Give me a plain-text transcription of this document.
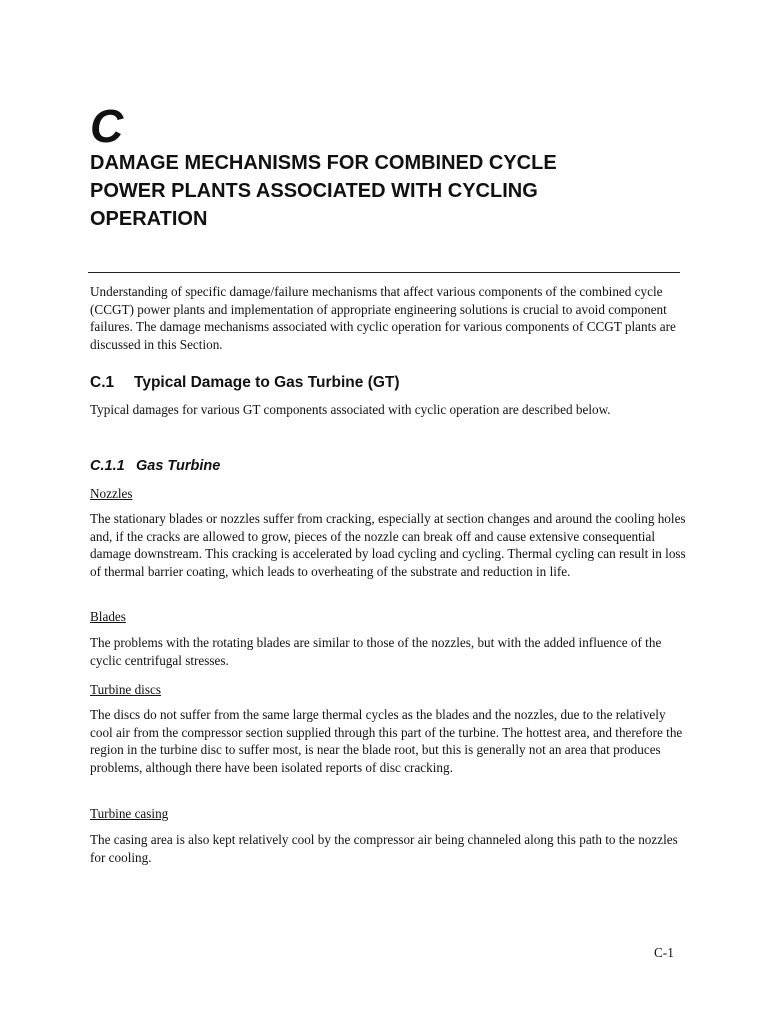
C
DAMAGE MECHANISMS FOR COMBINED CYCLE
POWER PLANTS ASSOCIATED WITH CYCLING
OPERATION

Understanding of specific damage/failure mechanisms that affect various components of the combined cycle (CCGT) power plants and implementation of appropriate engineering solutions is crucial to avoid component failures. The damage mechanisms associated with cyclic operation for various components of CCGT plants are discussed in this Section.

C.1 Typical Damage to Gas Turbine (GT)

Typical damages for various GT components associated with cyclic operation are described below.

C.1.1 Gas Turbine

Nozzles

The stationary blades or nozzles suffer from cracking, especially at section changes and around the cooling holes and, if the cracks are allowed to grow, pieces of the nozzle can break off and cause extensive consequential damage downstream. This cracking is accelerated by load cycling and cycling. Thermal cycling can result in loss of thermal barrier coating, which leads to overheating of the substrate and reduction in life.

Blades

The problems with the rotating blades are similar to those of the nozzles, but with the added influence of the cyclic centrifugal stresses.

Turbine discs

The discs do not suffer from the same large thermal cycles as the blades and the nozzles, due to the relatively cool air from the compressor section supplied through this part of the turbine. The hottest area, and therefore the region in the turbine disc to suffer most, is near the blade root, but this is generally not an area that produces problems, although there have been isolated reports of disc cracking.

Turbine casing

The casing area is also kept relatively cool by the compressor air being channeled along this path to the nozzles for cooling.

C-1
